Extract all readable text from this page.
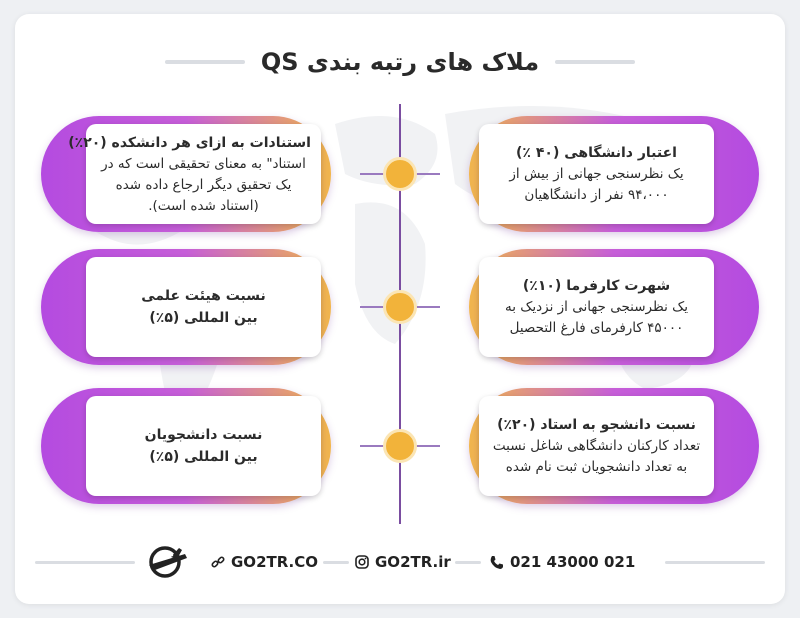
ملاک های رتبه بندی QS
استنادات به ازای هر دانشکده (۲۰٪)
استناد" به معنای تحقیقی است که در یک تحقیق دیگر ارجاع داده شده (استناد شده است).
اعتبار دانشگاهی (۴۰ ٪)
یک نظرسنجی جهانی از بیش از ۹۴،۰۰۰ نفر از دانشگاهیان
نسبت هیئت علمی
بین المللی (۵٪)
شهرت کارفرما (۱۰٪)
یک نظرسنجی جهانی از نزدیک به ۴۵۰۰۰ کارفرمای فارغ التحصیل
نسبت دانشجویان
بین المللی (۵٪)
نسبت دانشجو به استاد (۲۰٪)
تعداد کارکنان دانشگاهی شاغل نسبت به تعداد دانشجویان ثبت نام شده
GO2TR.CO	GO2TR.ir	021 43000 021
